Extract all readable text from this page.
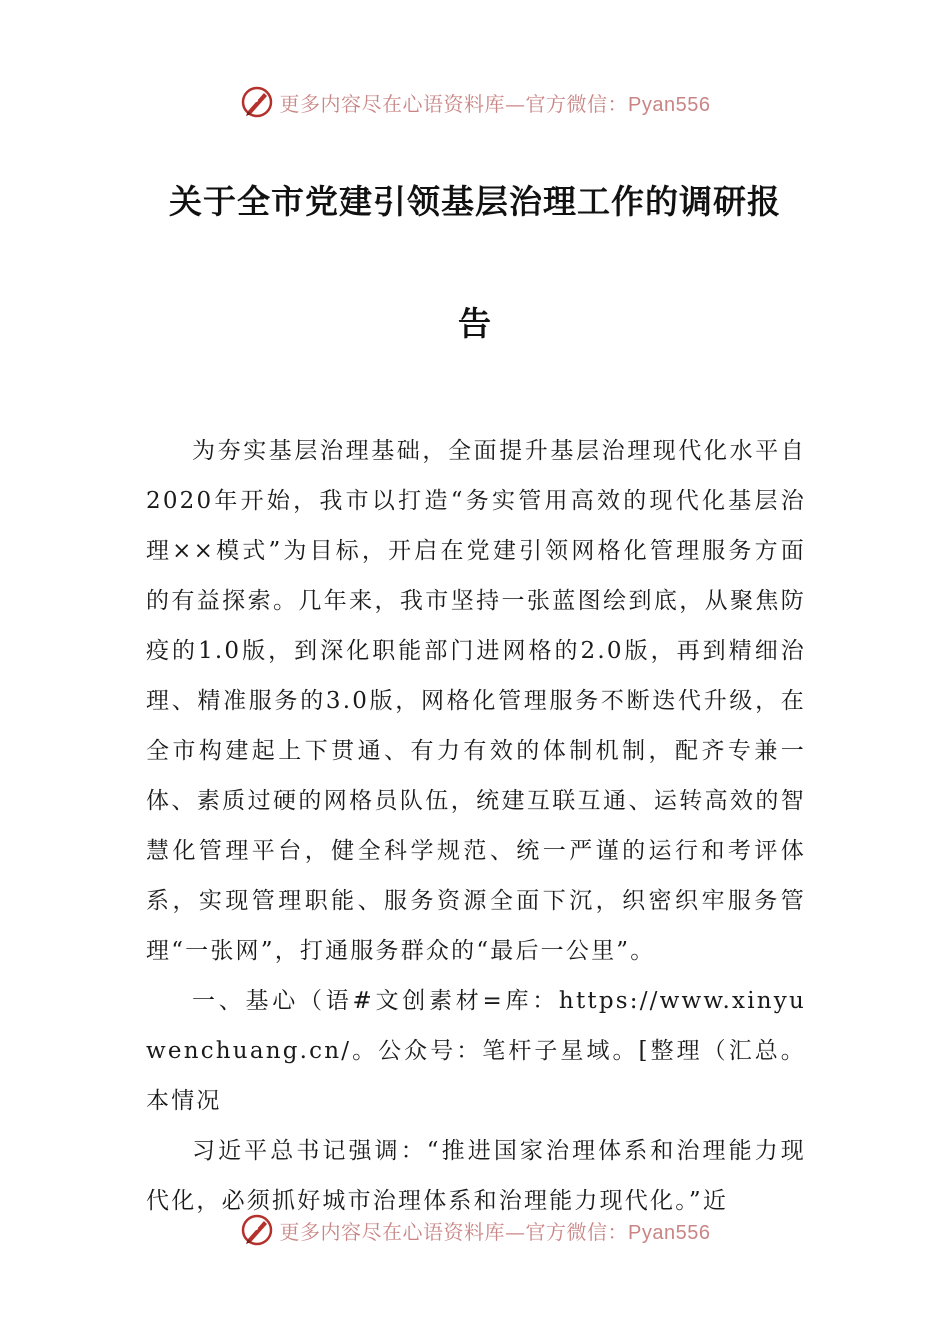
更多内容尽在心语资料库—官方微信：Pyan556
关于全市党建引领基层治理工作的调研报
告

为夯实基层治理基础，全面提升基层治理现代化水平自2020年开始，我市以打造“务实管用高效的现代化基层治理××模式”为目标，开启在党建引领网格化管理服务方面的有益探索。几年来，我市坚持一张蓝图绘到底，从聚焦防疫的1.0版，到深化职能部门进网格的2.0版，再到精细治理、精准服务的3.0版，网格化管理服务不断迭代升级，在全市构建起上下贯通、有力有效的体制机制，配齐专兼一体、素质过硬的网格员队伍，统建互联互通、运转高效的智慧化管理平台，健全科学规范、统一严谨的运行和考评体系，实现管理职能、服务资源全面下沉，织密织牢服务管理“一张网”，打通服务群众的“最后一公里”。

一、基心（语#文创素材=库：https://www.xinyuwenchuang.cn/。公众号：笔杆子星域。[整理（汇总。本情况

习近平总书记强调：“推进国家治理体系和治理能力现代化，必须抓好城市治理体系和治理能力现代化。”近

更多内容尽在心语资料库—官方微信：Pyan556
